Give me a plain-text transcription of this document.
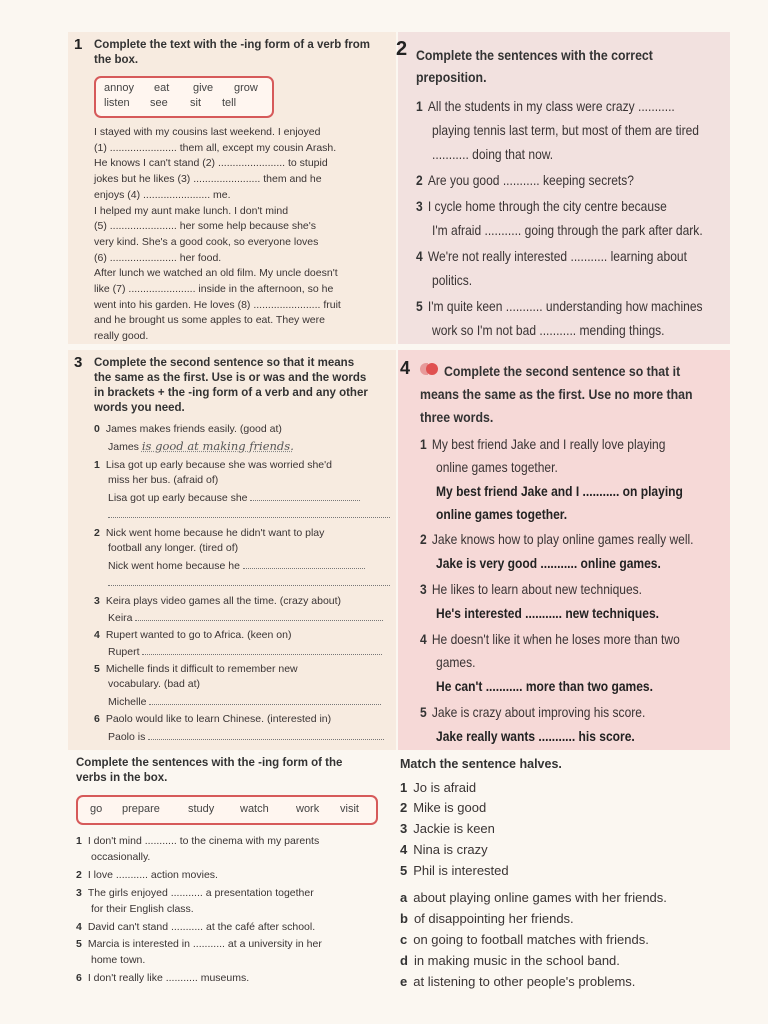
1 Complete the text with the -ing form of a verb from
the box.
annoy eat give grow
listen see sit tell
I stayed with my cousins last weekend. I enjoyed
(1) ....................... them all, except my cousin Arash.
He knows I can't stand (2) ....................... to stupid
jokes but he likes (3) ....................... them and he
enjoys (4) ....................... me.
I helped my aunt make lunch. I don't mind
(5) ....................... her some help because she's
very kind. She's a good cook, so everyone loves
(6) ....................... her food.
After lunch we watched an old film. My uncle doesn't
like (7) ....................... inside in the afternoon, so he
went into his garden. He loves (8) ....................... fruit
and he brought us some apples to eat. They were
really good.
2 Complete the sentences with the correct
preposition.
1 All the students in my class were crazy ...........
playing tennis last term, but most of them are tired
........... doing that now.
2 Are you good ........... keeping secrets?
3 I cycle home through the city centre because
I'm afraid ........... going through the park after dark.
4 We're not really interested ........... learning about
politics.
5 I'm quite keen ........... understanding how machines
work so I'm not bad ........... mending things.
3 Complete the second sentence so that it means
the same as the first. Use is or was and the words
in brackets + the -ing form of a verb and any other
words you need.
0 James makes friends easily. (good at)
James is good at making friends.
1 Lisa got up early because she was worried she'd
miss her bus. (afraid of)
Lisa got up early because she
2 Nick went home because he didn't want to play
football any longer. (tired of)
Nick went home because he
3 Keira plays video games all the time. (crazy about)
Keira
4 Rupert wanted to go to Africa. (keen on)
Rupert
5 Michelle finds it difficult to remember new
vocabulary. (bad at)
Michelle
6 Paolo would like to learn Chinese. (interested in)
Paolo is
4 Complete the second sentence so that it
means the same as the first. Use no more than
three words.
1 My best friend Jake and I really love playing
online games together.
My best friend Jake and I ........... on playing
online games together.
2 Jake knows how to play online games really well.
Jake is very good ........... online games.
3 He likes to learn about new techniques.
He's interested ........... new techniques.
4 He doesn't like it when he loses more than two
games.
He can't ........... more than two games.
5 Jake is crazy about improving his score.
Jake really wants ........... his score.
Complete the sentences with the -ing form of the
verbs in the box.
go prepare	study watch work visit
1 I don't mind ........... to the cinema with my parents
occasionally.
2 I love ........... action movies.
3 The girls enjoyed ........... a presentation together
for their English class.
4 David can't stand ........... at the café after school.
5 Marcia is interested in ........... at a university in her
home town.
6 I don't really like ........... museums.
Match the sentence halves.
1 Jo is afraid
2 Mike is good
3 Jackie is keen
4 Nina is crazy
5 Phil is interested
a about playing online games with her friends.
b of disappointing her friends.
c on going to football matches with friends.
d in making music in the school band.
e at listening to other people's problems.
